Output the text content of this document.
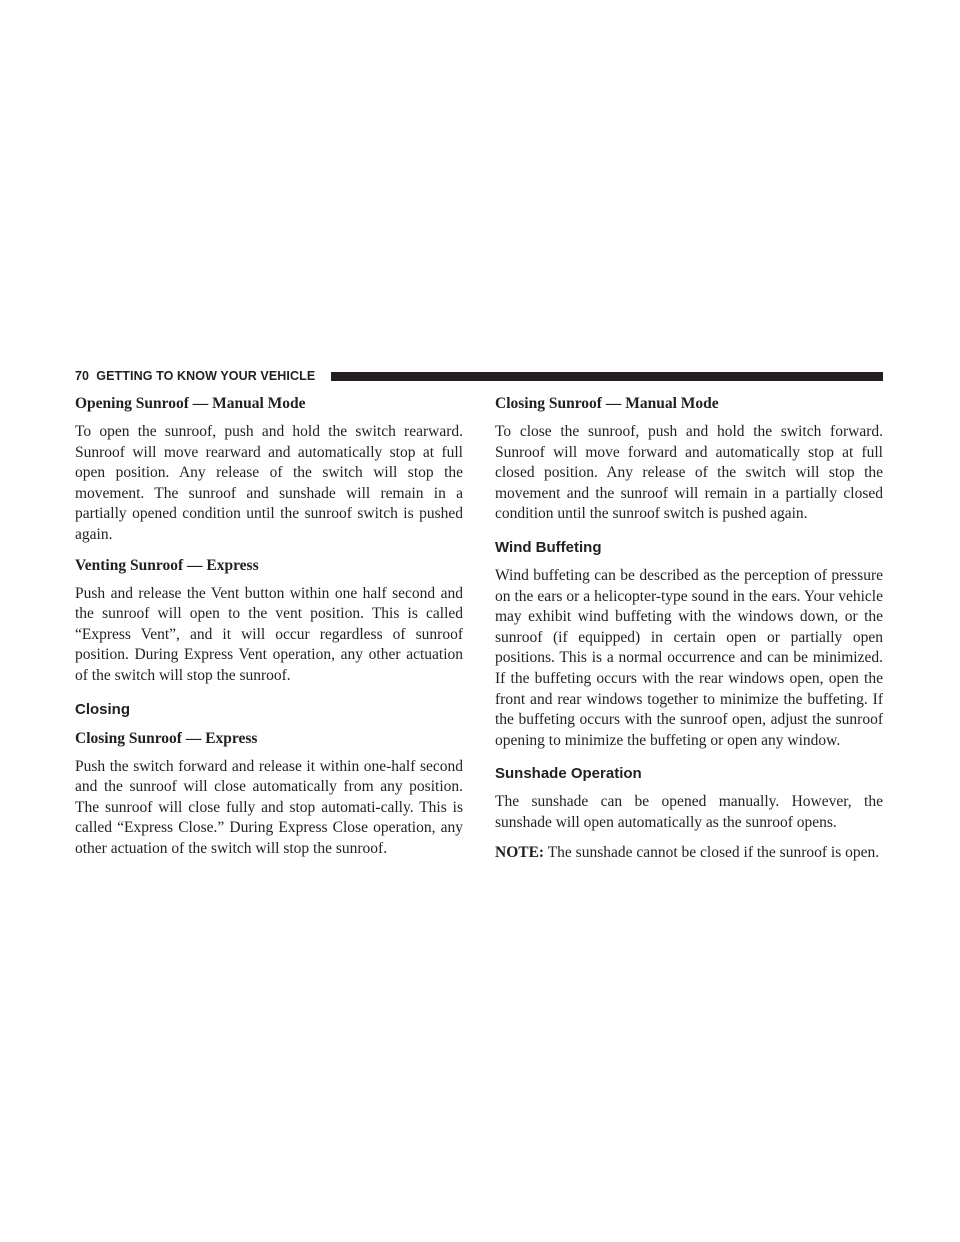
70 GETTING TO KNOW YOUR VEHICLE
Opening Sunroof — Manual Mode

To open the sunroof, push and hold the switch rearward. Sunroof will move rearward and automatically stop at full open position. Any release of the switch will stop the movement. The sunroof and sunshade will remain in a partially opened condition until the sunroof switch is pushed again.

Venting Sunroof — Express

Push and release the Vent button within one half second and the sunroof will open to the vent position. This is called “Express Vent”, and it will occur regardless of sunroof position. During Express Vent operation, any other actuation of the switch will stop the sunroof.

Closing
Closing Sunroof — Express

Push the switch forward and release it within one-half second and the sunroof will close automatically from any position. The sunroof will close fully and stop automati-cally. This is called “Express Close.” During Express Close operation, any other actuation of the switch will stop the sunroof.

Closing Sunroof — Manual Mode

To close the sunroof, push and hold the switch forward. Sunroof will move forward and automatically stop at full closed position. Any release of the switch will stop the movement and the sunroof will remain in a partially closed condition until the sunroof switch is pushed again.

Wind Buffeting

Wind buffeting can be described as the perception of pressure on the ears or a helicopter-type sound in the ears. Your vehicle may exhibit wind buffeting with the windows down, or the sunroof (if equipped) in certain open or partially open positions. This is a normal occurrence and can be minimized. If the buffeting occurs with the rear windows open, open the front and rear windows together to minimize the buffeting. If the buffeting occurs with the sunroof open, adjust the sunroof opening to minimize the buffeting or open any window.

Sunshade Operation

The sunshade can be opened manually. However, the sunshade will open automatically as the sunroof opens.

NOTE: The sunshade cannot be closed if the sunroof is open.
